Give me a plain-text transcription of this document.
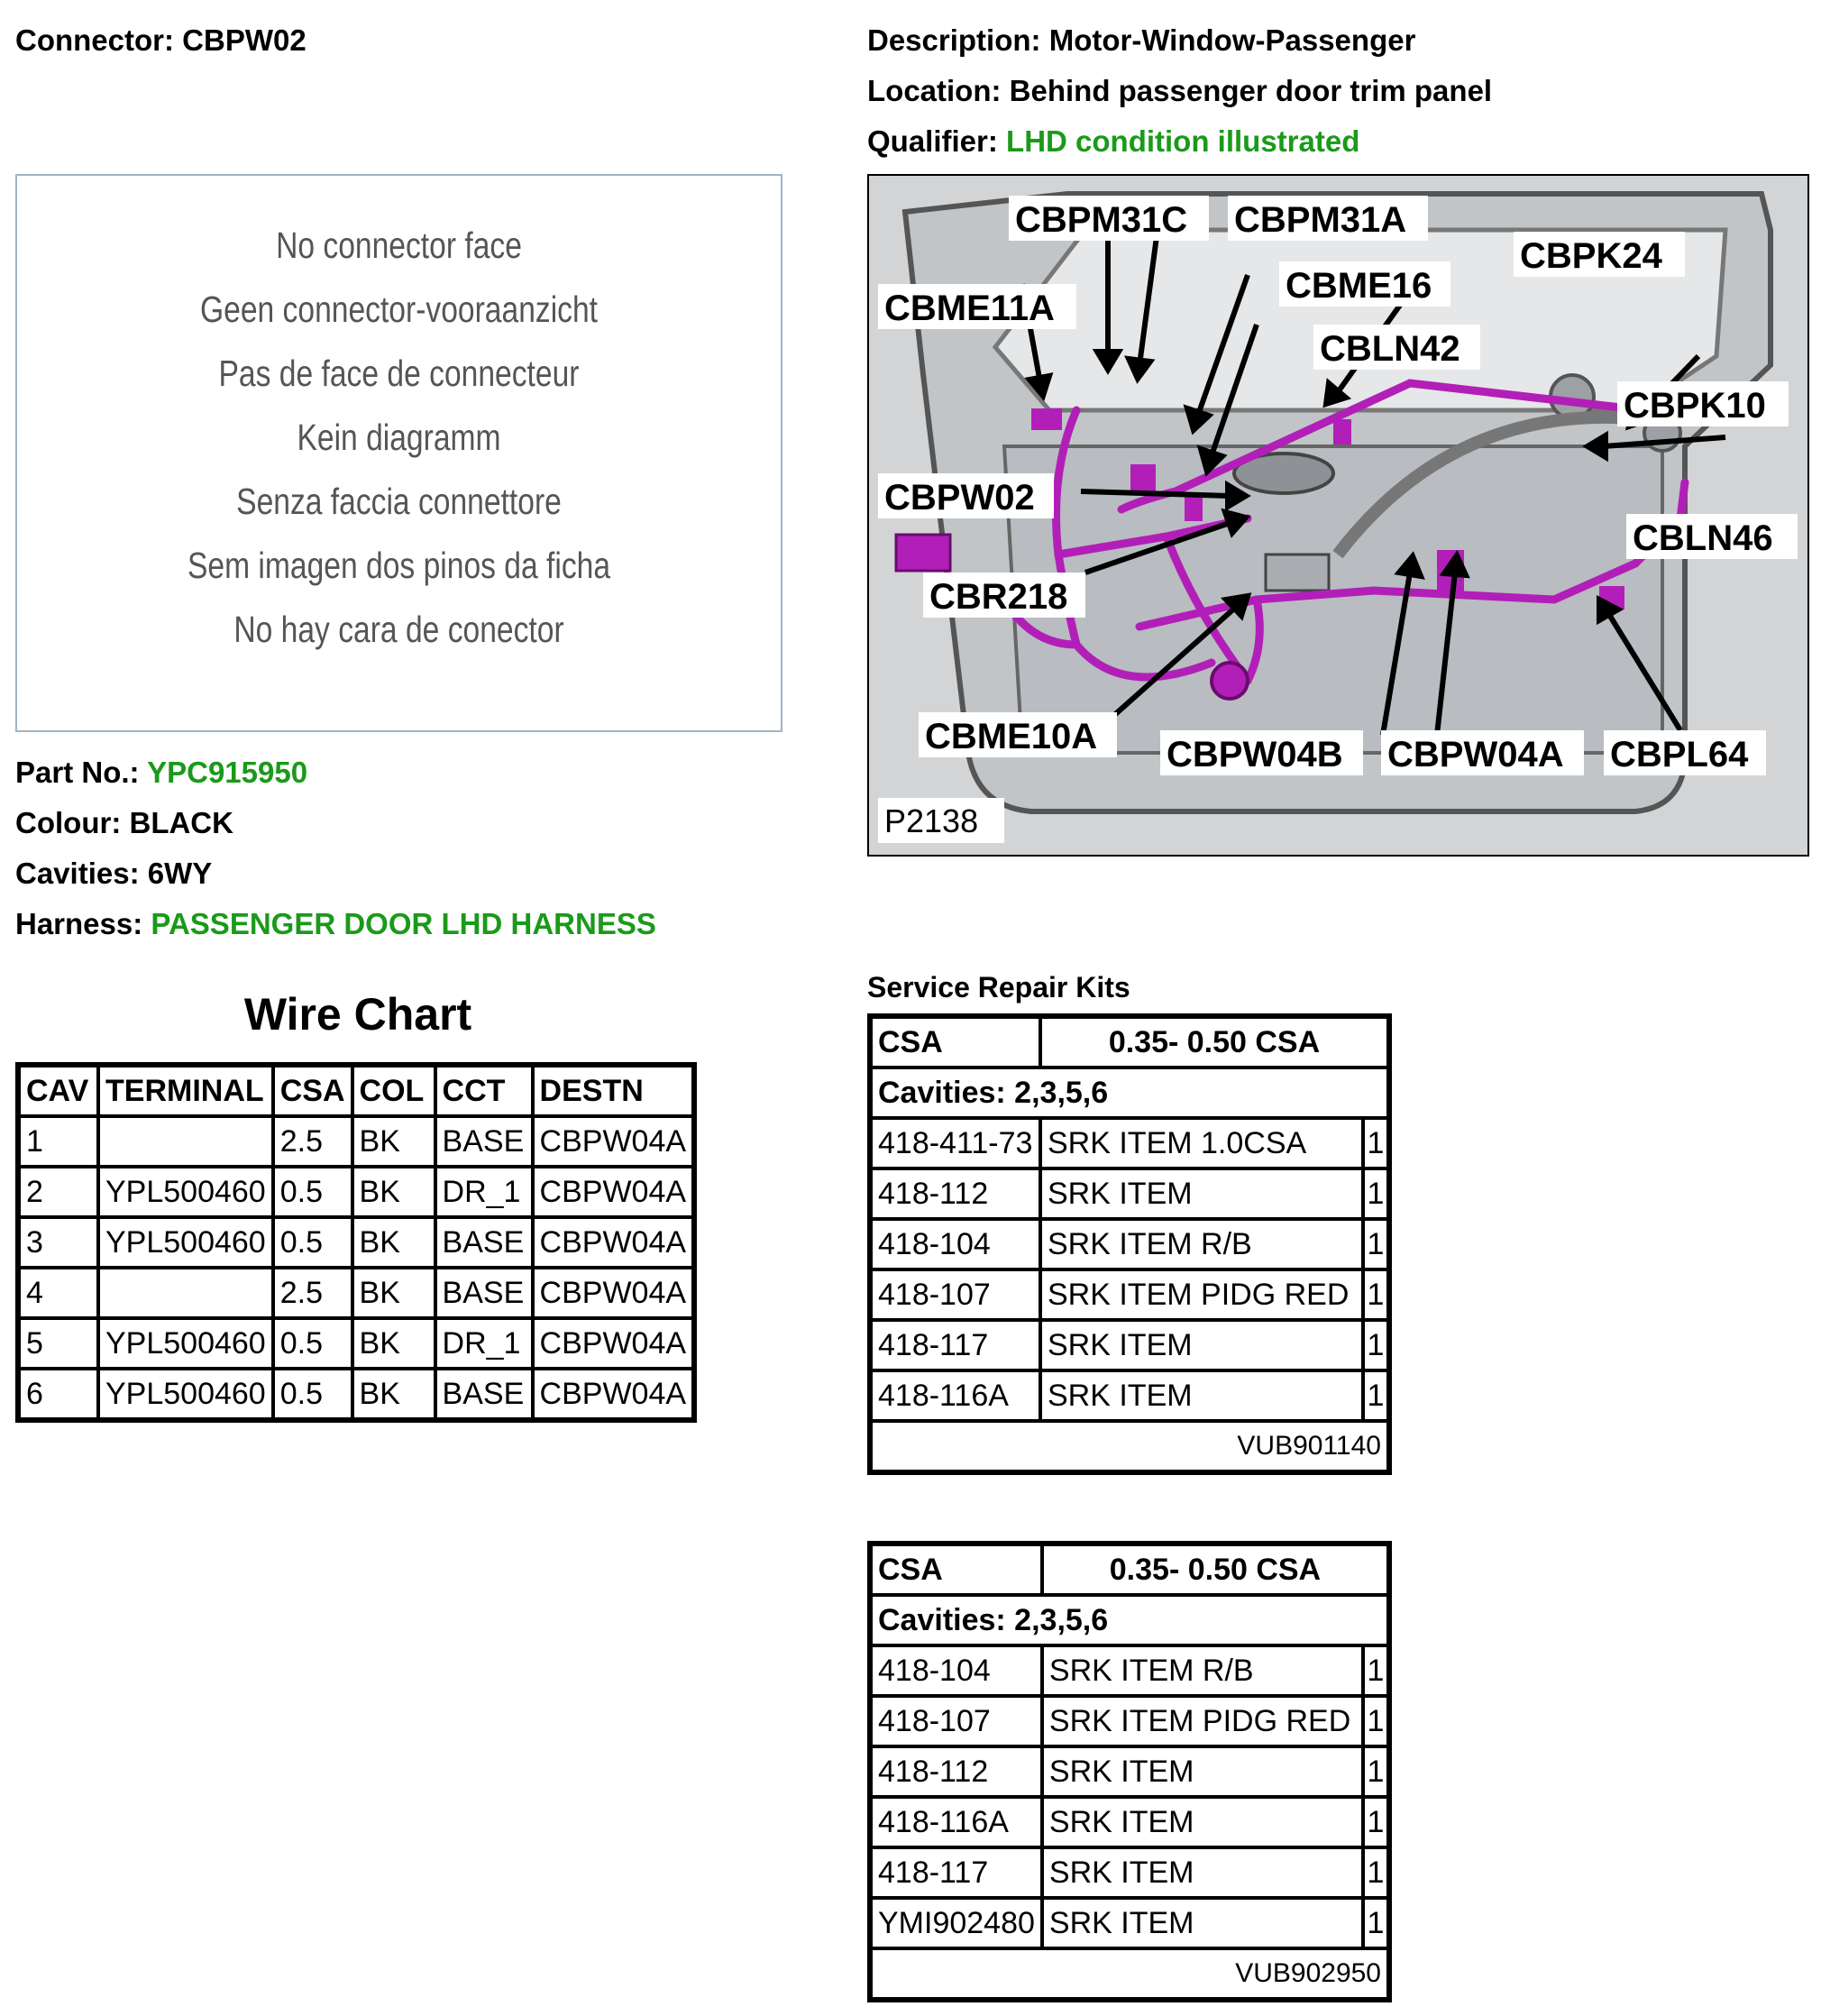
Connector: CBPW02	Description: Motor-Window-Passenger
Location: Behind passenger door trim panel
Qualifier: LHD condition illustrated
No connector face
Geen connector-vooraanzicht
Pas de face de connecteur
Kein diagramm
Senza faccia connettore
Sem imagen dos pinos da ficha
No hay cara de conector
Part No.: YPC915950
Colour: BLACK
Cavities: 6WY
Harness: PASSENGER DOOR LHD HARNESS
CBPM31C CBPM31A
CBME11A
CBME16
CBPK24
CBLN42
CBPK10
CBPW02
CBLN46
CBR218
CBME10A CBPW04B CBPW04A CBPL64
P2138
Wire Chart
CAV	TERMINAL	CSA	COL	CCT	DESTN
1		2.5	BK	BASE	CBPW04A
2	YPL500460	0.5	BK	DR_1	CBPW04A
3	YPL500460	0.5	BK	BASE	CBPW04A
4		2.5	BK	BASE	CBPW04A
5	YPL500460	0.5	BK	DR_1	CBPW04A
6	YPL500460	0.5	BK	BASE	CBPW04A
Service Repair Kits
CSA	0.35- 0.50 CSA	
Cavities: 2,3,5,6		
418-411-73	SRK ITEM 1.0CSA	1
418-112	SRK ITEM	1
418-104	SRK ITEM R/B	1
418-107	SRK ITEM PIDG RED	1
418-117	SRK ITEM	1
418-116A	SRK ITEM	1
VUB901140		
CSA	0.35- 0.50 CSA	
Cavities: 2,3,5,6		
418-104	SRK ITEM R/B	1
418-107	SRK ITEM PIDG RED	1
418-112	SRK ITEM	1
418-116A	SRK ITEM	1
418-117	SRK ITEM	1
YMI902480	SRK ITEM	1
VUB902950		
